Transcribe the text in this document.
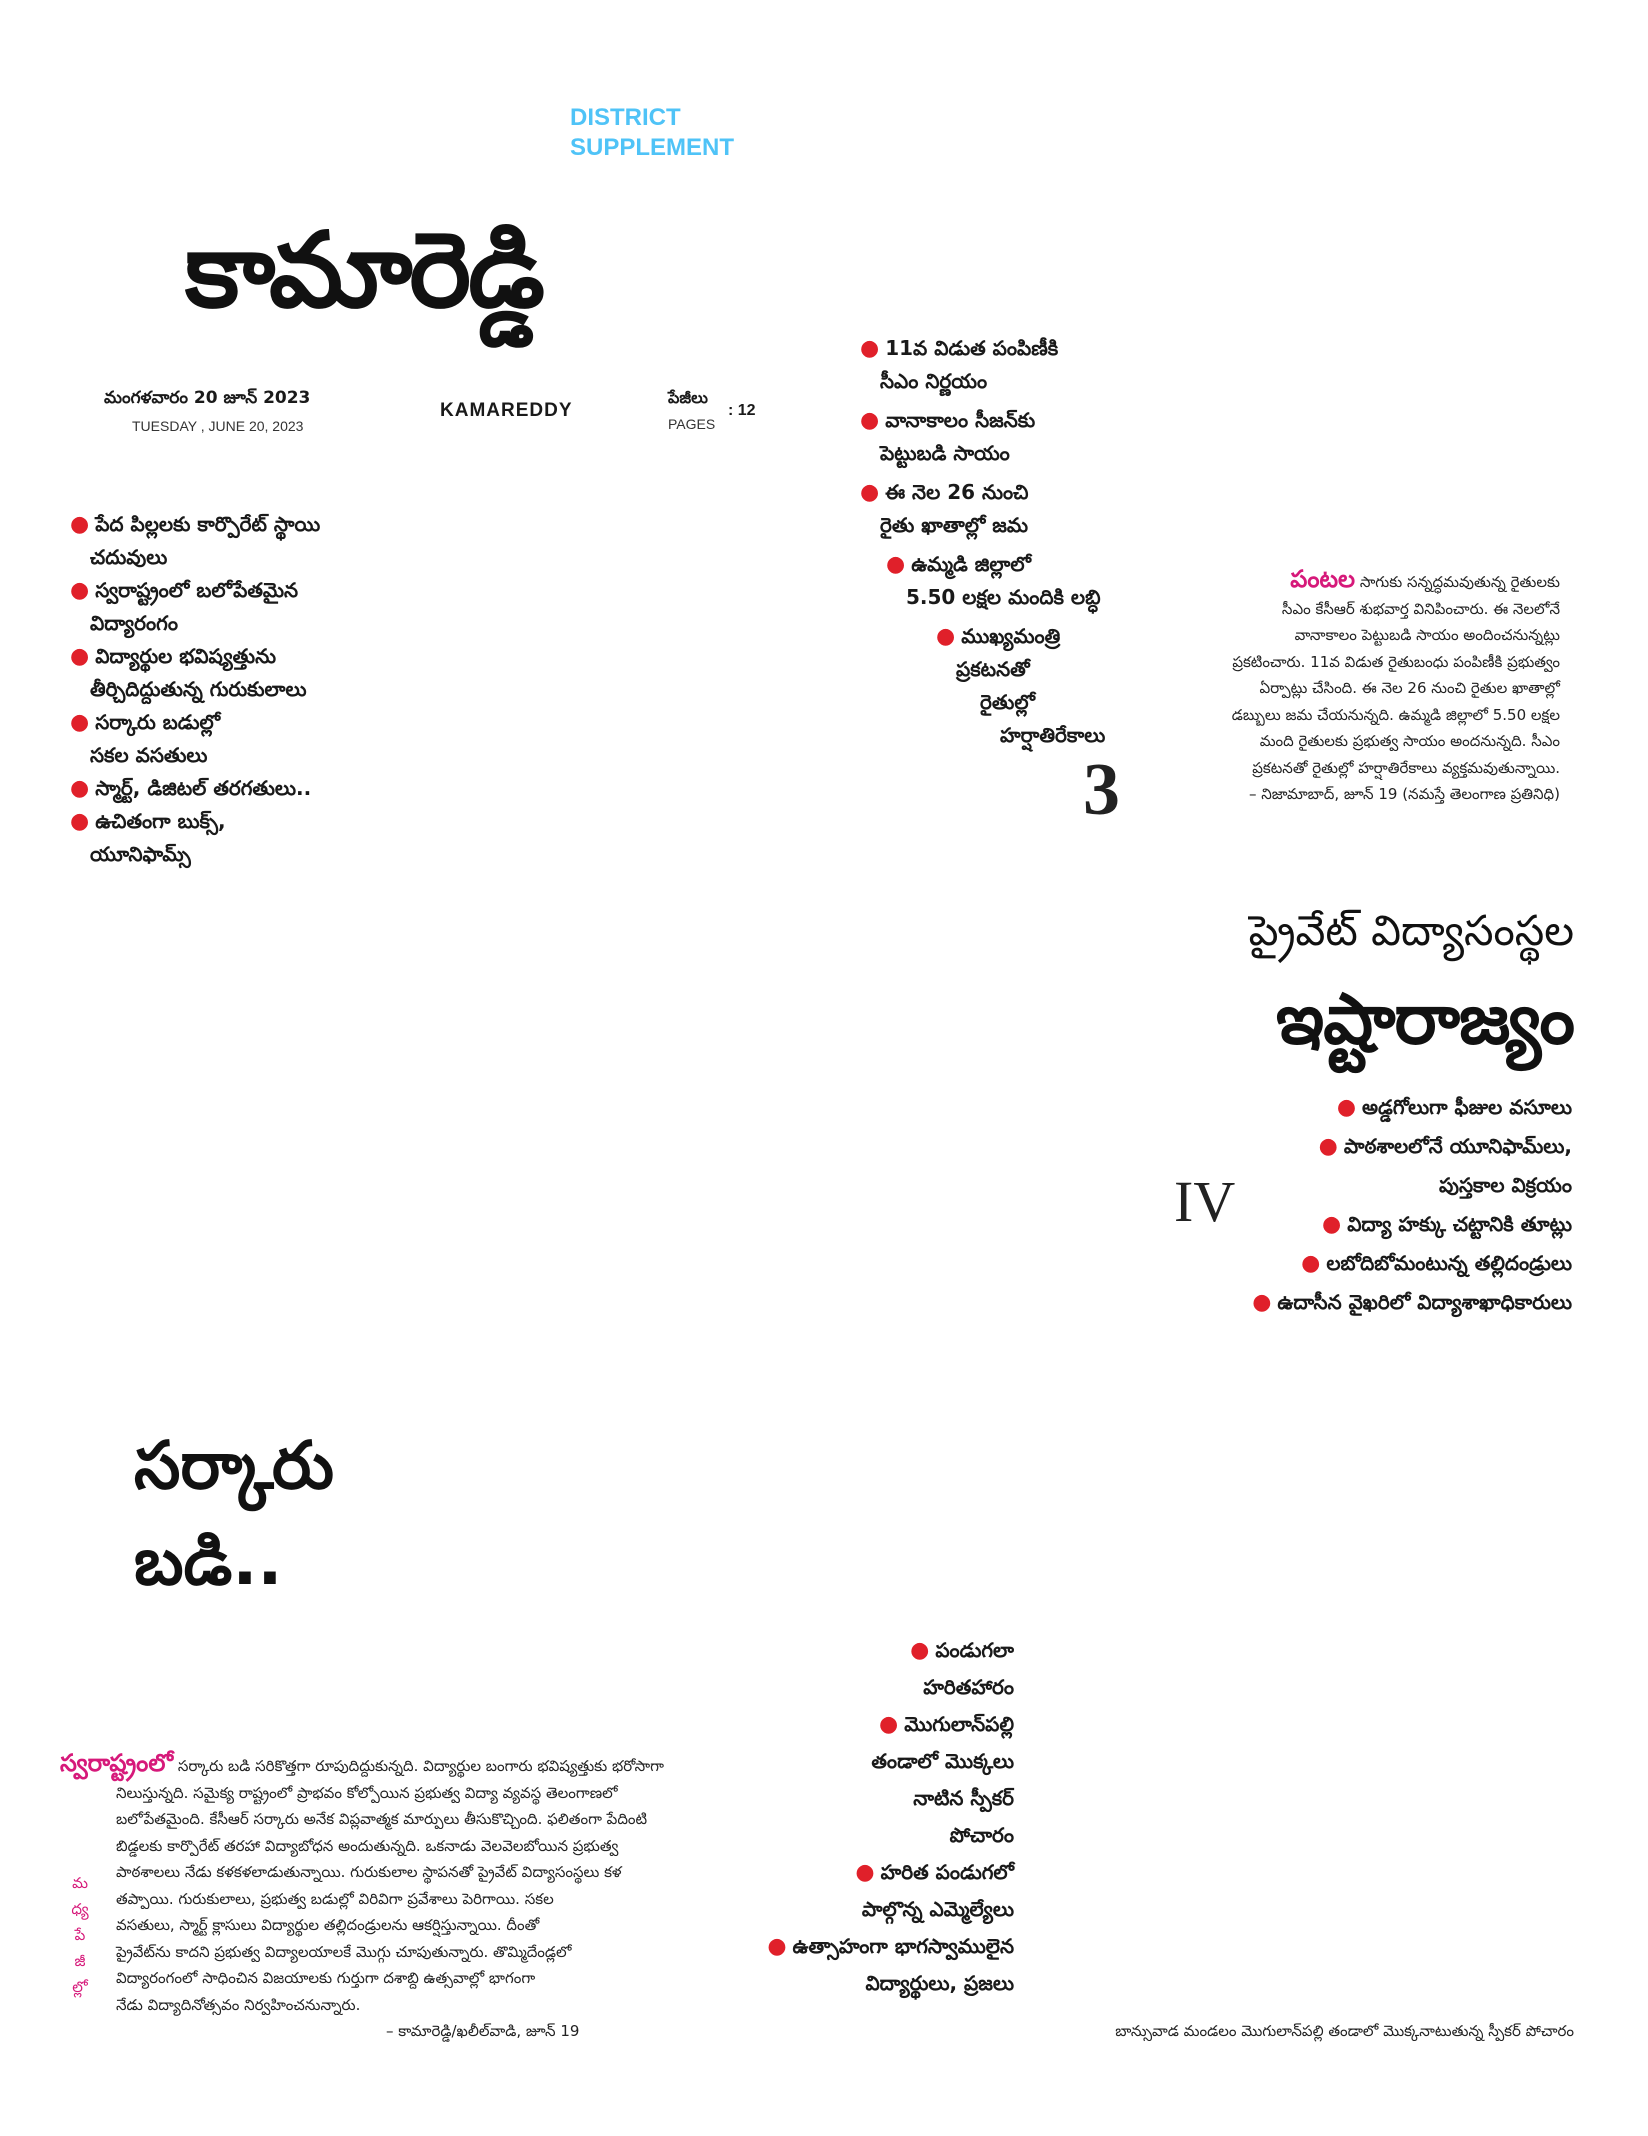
DISTRICT
SUPPLEMENT
కామారెడ్డి
మంగళవారం 20 జూన్ 2023
TUESDAY , JUNE 20, 2023
KAMAREDDY
పేజీలు
PAGES
: 12
● పేద పిల్లలకు కార్పొరేట్ స్థాయి
చదువులు
● స్వరాష్ట్రంలో బలోపేతమైన
విద్యారంగం
● విద్యార్థుల భవిష్యత్తును
తీర్చిదిద్దుతున్న గురుకులాలు
● సర్కారు బడుల్లో
సకల వసతులు
● స్మార్ట్, డిజిటల్ తరగతులు..
● ఉచితంగా బుక్స్,
యూనిఫామ్స్
● 11వ విడుత పంపిణీకి
సీఎం నిర్ణయం
● వానాకాలం సీజన్‌కు
పెట్టుబడి సాయం
● ఈ నెల 26 నుంచి
రైతు ఖాతాల్లో జమ
● ఉమ్మడి జిల్లాలో
5.50 లక్షల మందికి లబ్ధి
● ముఖ్యమంత్రి
ప్రకటనతో
రైతుల్లో
హర్షాతిరేకాలు
3
పంటల సాగుకు సన్నద్ధమవుతున్న రైతులకు
సీఎం కేసీఆర్ శుభవార్త వినిపించారు. ఈ నెలలోనే
వానాకాలం పెట్టుబడి సాయం అందించనున్నట్లు
ప్రకటించారు. 11వ విడుత రైతుబంధు పంపిణీకి ప్రభుత్వం
ఏర్పాట్లు చేసింది. ఈ నెల 26 నుంచి రైతుల ఖాతాల్లో
డబ్బులు జమ చేయనున్నది. ఉమ్మడి జిల్లాలో 5.50 లక్షల
మంది రైతులకు ప్రభుత్వ సాయం అందనున్నది. సీఎం
ప్రకటనతో రైతుల్లో హర్షాతిరేకాలు వ్యక్తమవుతున్నాయి.
– నిజామాబాద్, జూన్ 19 (నమస్తే తెలంగాణ ప్రతినిధి)
ప్రైవేట్ విద్యాసంస్థల
ఇష్టారాజ్యం
IV
● అడ్డగోలుగా ఫీజుల వసూలు
● పాఠశాలలోనే యూనిఫామ్‌లు,
పుస్తకాల విక్రయం
● విద్యా హక్కు చట్టానికి తూట్లు
● లబోదిబోమంటున్న తల్లిదండ్రులు
● ఉదాసీన వైఖరిలో విద్యాశాఖాధికారులు
సర్కారు
బడి..
● పండుగలా
హరితహారం
● మొగులాన్‌పల్లి
తండాలో మొక్కలు
నాటిన స్పీకర్
పోచారం
● హరిత పండుగలో
పాల్గొన్న ఎమ్మెల్యేలు
● ఉత్సాహంగా భాగస్వాములైన
విద్యార్థులు, ప్రజలు
స్వరాష్ట్రంలో సర్కారు బడి సరికొత్తగా రూపుదిద్దుకున్నది. విద్యార్థుల బంగారు భవిష్యత్తుకు భరోసాగా
నిలుస్తున్నది. సమైక్య రాష్ట్రంలో ప్రాభవం కోల్పోయిన ప్రభుత్వ విద్యా వ్యవస్థ తెలంగాణలో
బలోపేతమైంది. కేసీఆర్ సర్కారు అనేక విప్లవాత్మక మార్పులు తీసుకొచ్చింది. ఫలితంగా పేదింటి
బిడ్డలకు కార్పొరేట్ తరహా విద్యాబోధన అందుతున్నది. ఒకనాడు వెలవెలబోయిన ప్రభుత్వ
పాఠశాలలు నేడు కళకళలాడుతున్నాయి. గురుకులాల స్థాపనతో ప్రైవేట్ విద్యాసంస్థలు కళ
తప్పాయి. గురుకులాలు, ప్రభుత్వ బడుల్లో విరివిగా ప్రవేశాలు పెరిగాయి. సకల
వసతులు, స్మార్ట్ క్లాసులు విద్యార్థుల తల్లిదండ్రులను ఆకర్షిస్తున్నాయి. దీంతో
ప్రైవేట్‌ను కాదని ప్రభుత్వ విద్యాలయాలకే మొగ్గు చూపుతున్నారు. తొమ్మిదేండ్లలో
విద్యారంగంలో సాధించిన విజయాలకు గుర్తుగా దశాబ్ది ఉత్సవాల్లో భాగంగా
నేడు విద్యాదినోత్సవం నిర్వహించనున్నారు.
– కామారెడ్డి/ఖలీల్‌వాడి, జూన్ 19
మ
ధ్య
పే
జీ
ల్లో
బాన్సువాడ మండలం మొగులాన్‌పల్లి తండాలో మొక్కనాటుతున్న స్పీకర్ పోచారం
